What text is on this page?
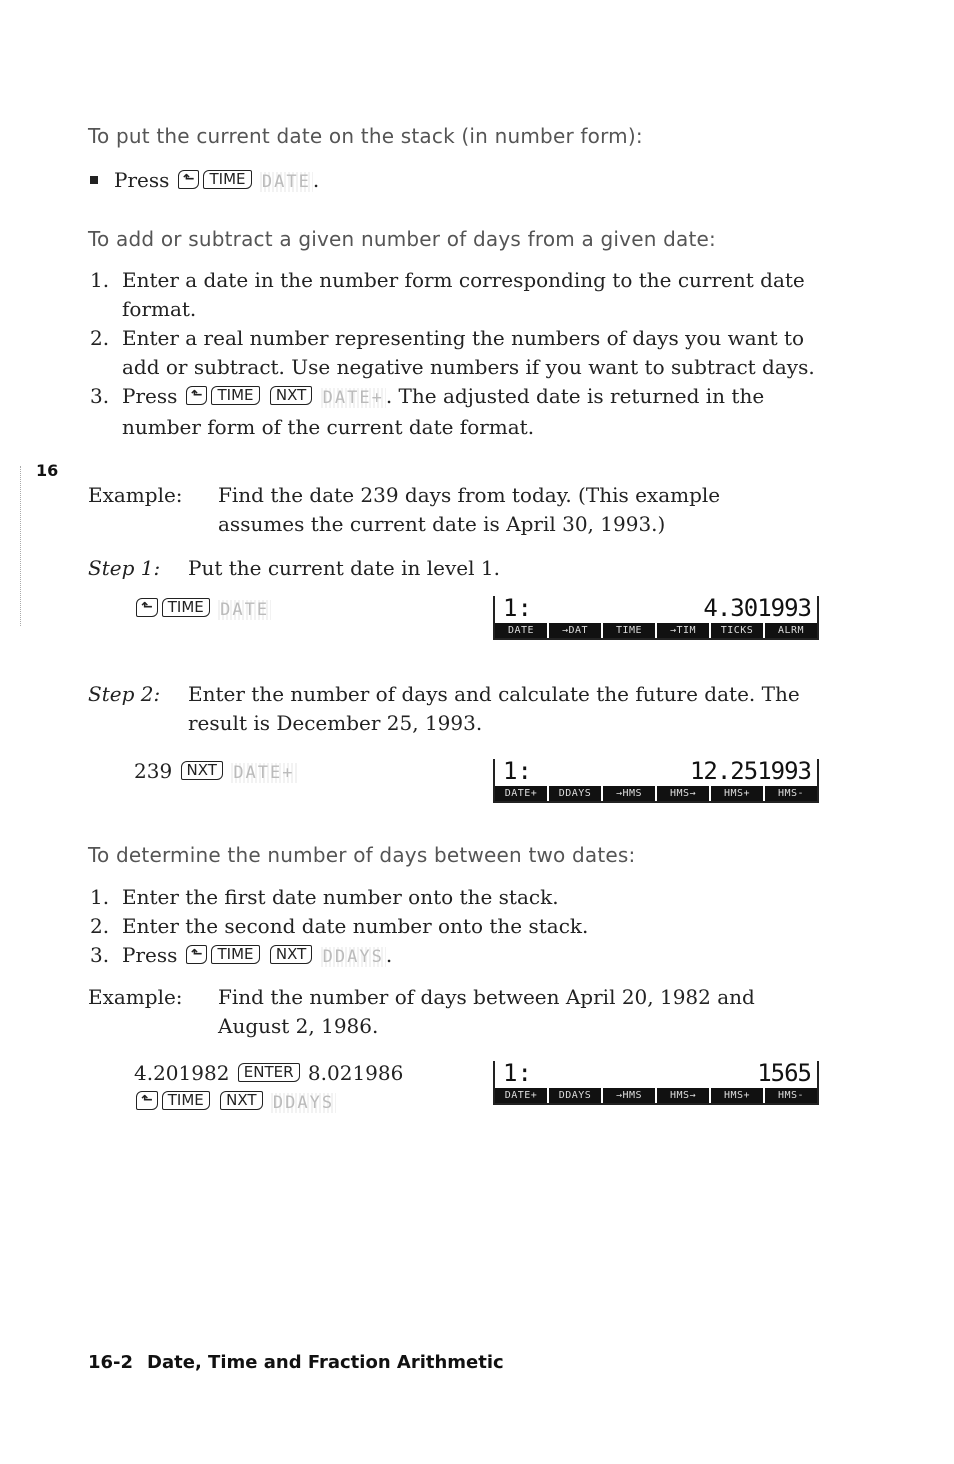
16
To put the current date on the stack (in number form):
Press ⬑ TIME DATE .
To add or subtract a given number of days from a given date:
1. Enter a date in the number form corresponding to the current date format.
2. Enter a real number representing the numbers of days you want to add or subtract. Use negative numbers if you want to subtract days.
3. Press ⬑ TIME NXT DATE+ . The adjusted date is returned in the number form of the current date format.
Example: Find the date 239 days from today. (This example assumes the current date is April 30, 1993.)
Step 1: Put the current date in level 1.
⬑ TIME DATE	1:	4.301993
DATE	→DAT	TIME	→TIM	TICKS	ALRM
Step 2: Enter the number of days and calculate the future date. The result is December 25, 1993.
239 NXT DATE+	1:	12.251993
DATE+	DDAYS	→HMS	HMS→	HMS+	HMS-
To determine the number of days between two dates:
1. Enter the first date number onto the stack.
2. Enter the second date number onto the stack.
3. Press ⬑ TIME NXT DDAYS .
Example: Find the number of days between April 20, 1982 and August 2, 1986.
4.201982 ENTER 8.021986
⬑ TIME NXT DDAYS
1:	1565
DATE+	DDAYS	→HMS	HMS→	HMS+	HMS-
16-2 Date, Time and Fraction Arithmetic
